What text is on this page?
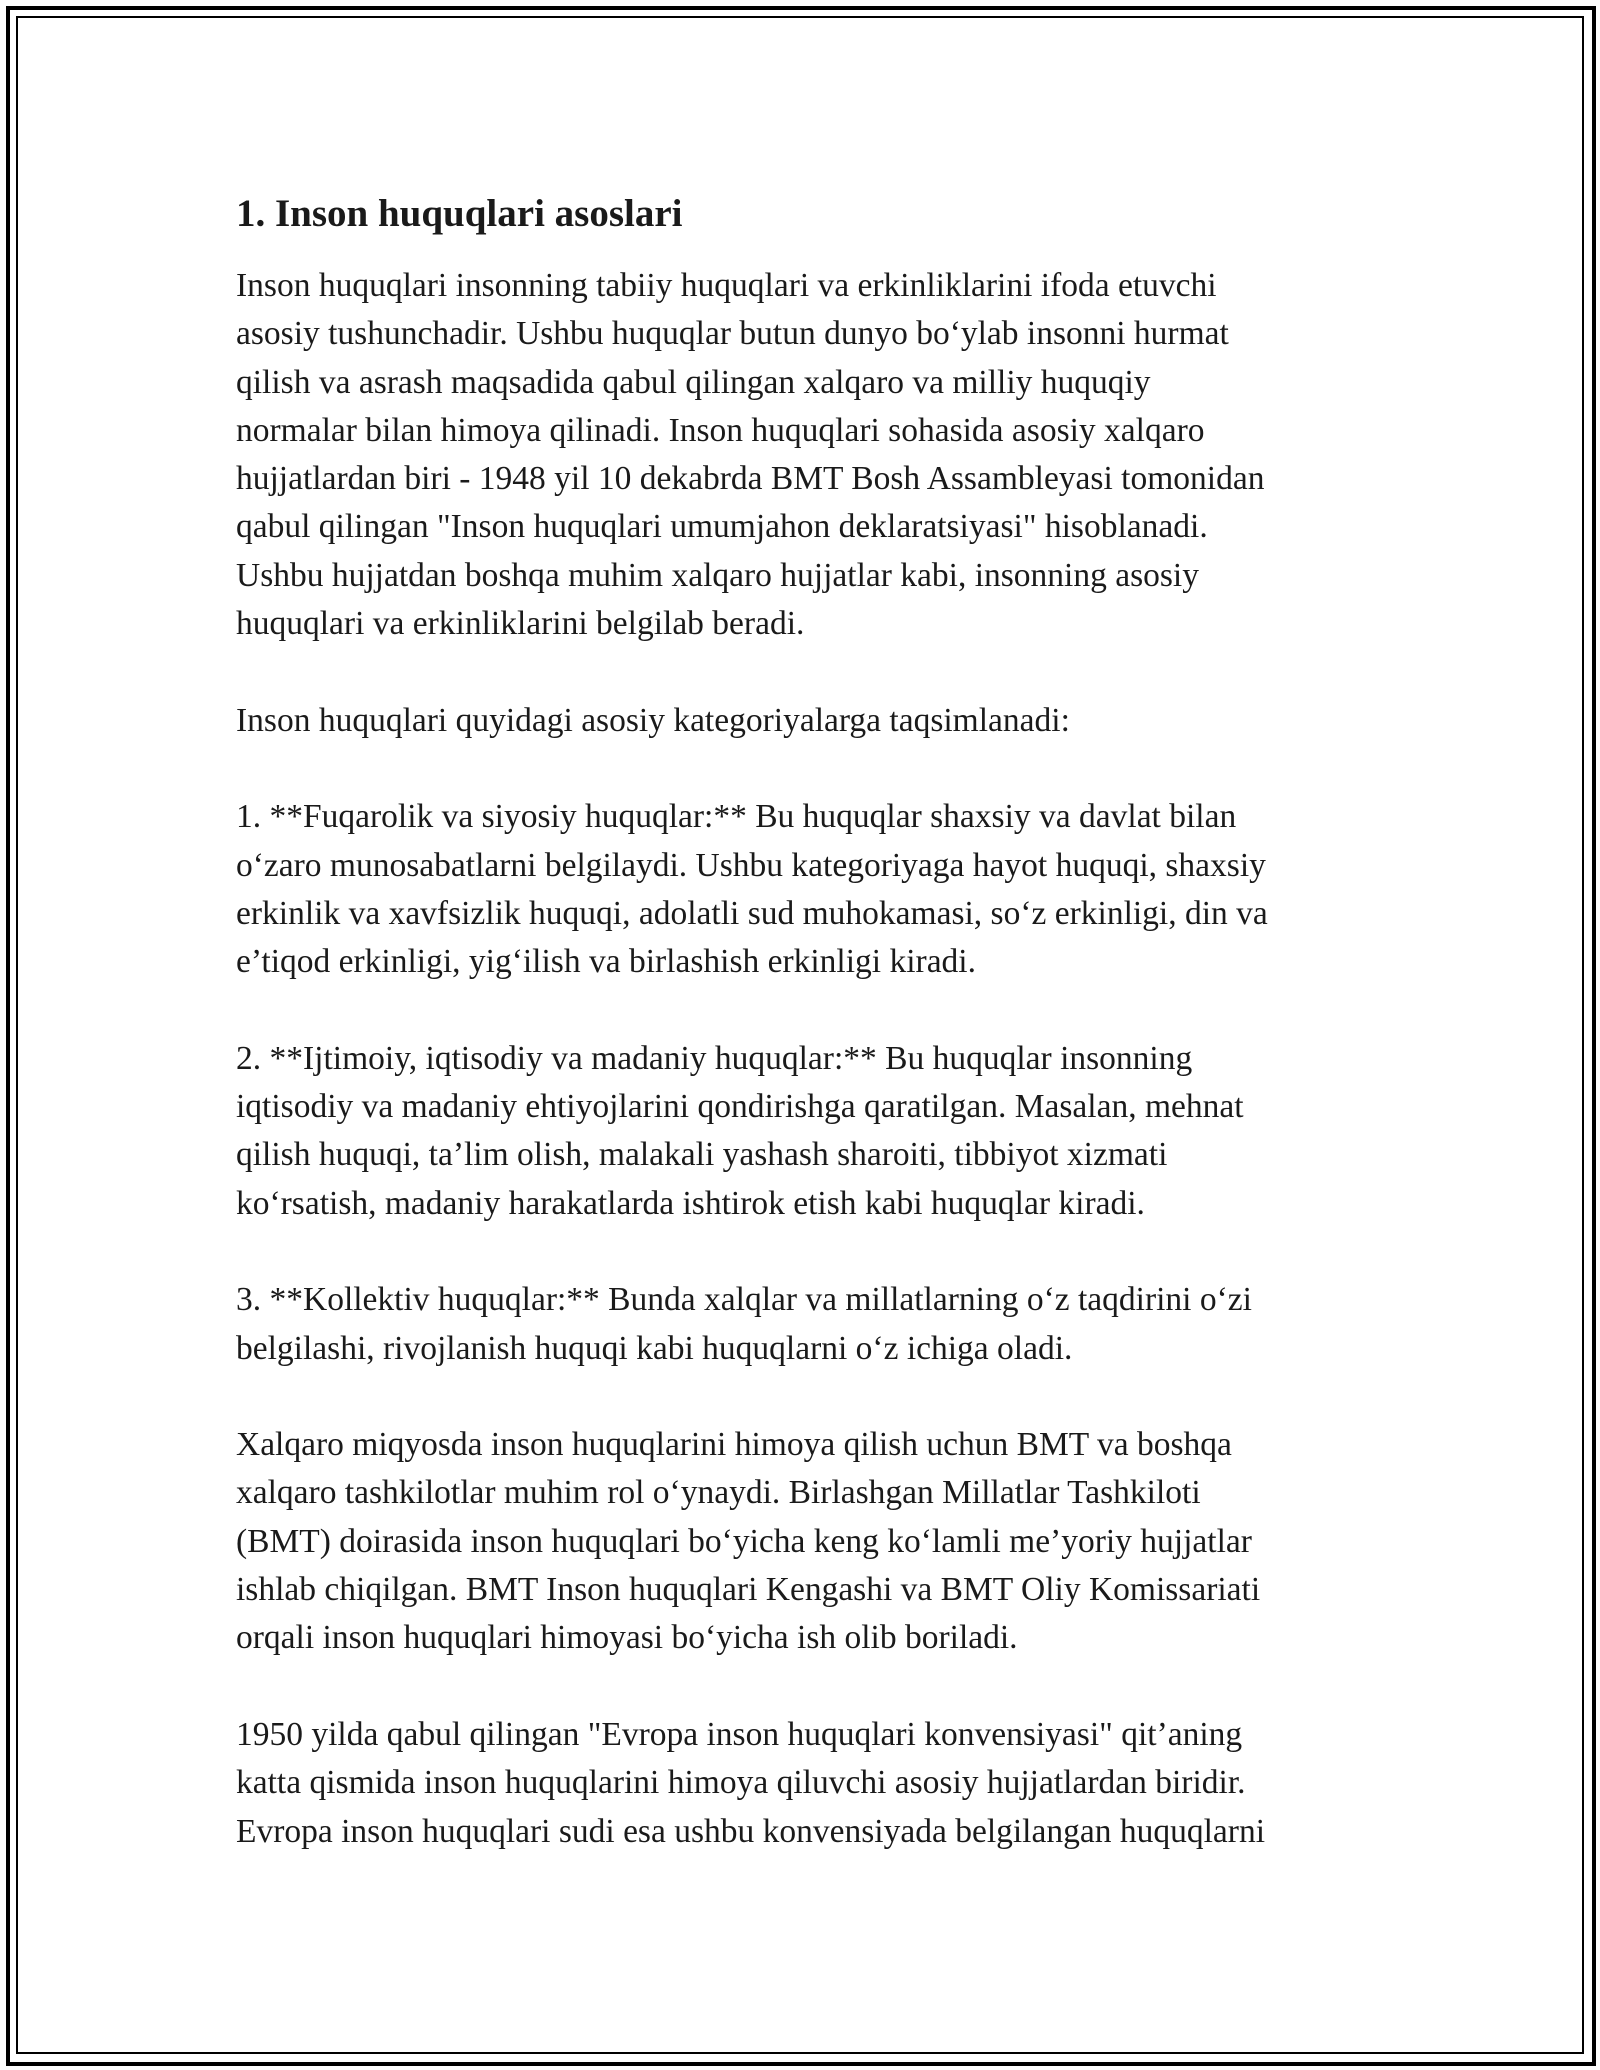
1. Inson huquqlari asoslari

Inson huquqlari insonning tabiiy huquqlari va erkinliklarini ifoda etuvchi
asosiy tushunchadir. Ushbu huquqlar butun dunyo bo‘ylab insonni hurmat
qilish va asrash maqsadida qabul qilingan xalqaro va milliy huquqiy
normalar bilan himoya qilinadi. Inson huquqlari sohasida asosiy xalqaro
hujjatlardan biri - 1948 yil 10 dekabrda BMT Bosh Assambleyasi tomonidan
qabul qilingan "Inson huquqlari umumjahon deklaratsiyasi" hisoblanadi.
Ushbu hujjatdan boshqa muhim xalqaro hujjatlar kabi, insonning asosiy
huquqlari va erkinliklarini belgilab beradi.

Inson huquqlari quyidagi asosiy kategoriyalarga taqsimlanadi:

1. **Fuqarolik va siyosiy huquqlar:** Bu huquqlar shaxsiy va davlat bilan
o‘zaro munosabatlarni belgilaydi. Ushbu kategoriyaga hayot huquqi, shaxsiy
erkinlik va xavfsizlik huquqi, adolatli sud muhokamasi, so‘z erkinligi, din va
e’tiqod erkinligi, yig‘ilish va birlashish erkinligi kiradi.

2. **Ijtimoiy, iqtisodiy va madaniy huquqlar:** Bu huquqlar insonning
iqtisodiy va madaniy ehtiyojlarini qondirishga qaratilgan. Masalan, mehnat
qilish huquqi, ta’lim olish, malakali yashash sharoiti, tibbiyot xizmati
ko‘rsatish, madaniy harakatlarda ishtirok etish kabi huquqlar kiradi.

3. **Kollektiv huquqlar:** Bunda xalqlar va millatlarning o‘z taqdirini o‘zi
belgilashi, rivojlanish huquqi kabi huquqlarni o‘z ichiga oladi.

Xalqaro miqyosda inson huquqlarini himoya qilish uchun BMT va boshqa
xalqaro tashkilotlar muhim rol o‘ynaydi. Birlashgan Millatlar Tashkiloti
(BMT) doirasida inson huquqlari bo‘yicha keng ko‘lamli me’yoriy hujjatlar
ishlab chiqilgan. BMT Inson huquqlari Kengashi va BMT Oliy Komissariati
orqali inson huquqlari himoyasi bo‘yicha ish olib boriladi.

1950 yilda qabul qilingan "Evropa inson huquqlari konvensiyasi" qit’aning
katta qismida inson huquqlarini himoya qiluvchi asosiy hujjatlardan biridir.
Evropa inson huquqlari sudi esa ushbu konvensiyada belgilangan huquqlarni
